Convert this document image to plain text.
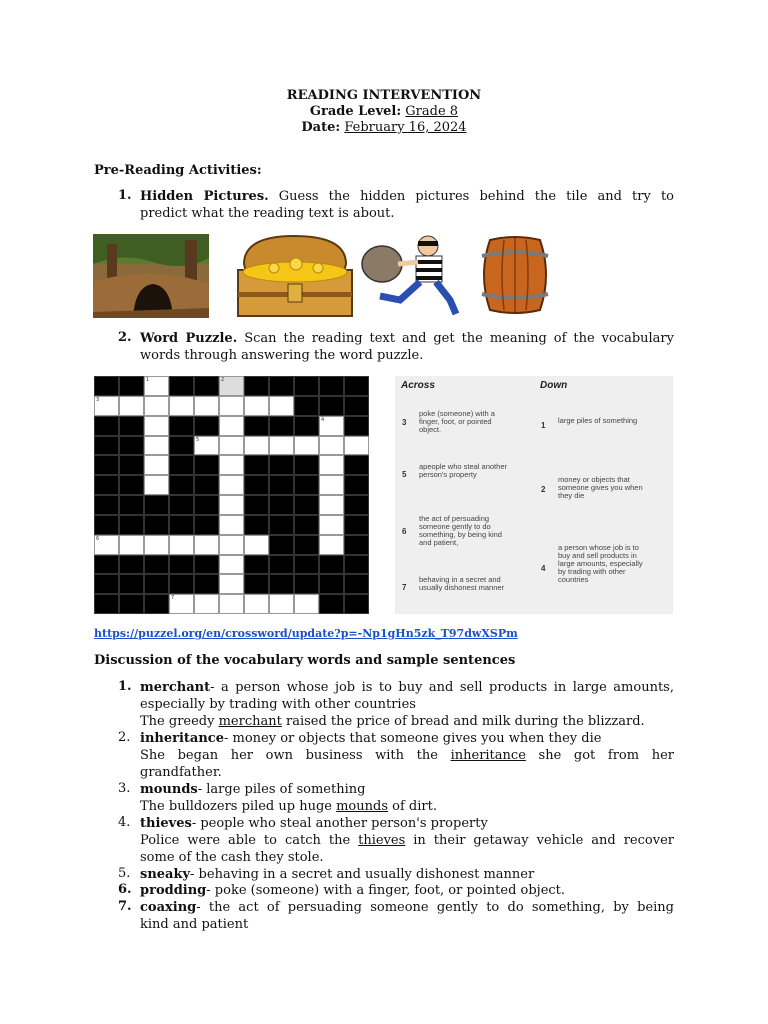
READING INTERVENTION
Grade Level: Grade 8
Date: February 16, 2024
Pre-Reading Activities:
1. Hidden Pictures. Guess the hidden pictures behind the tile and try to
predict what the reading text is about.
2. Word Puzzle. Scan the reading text and get the meaning of the vocabulary
words through answering the word puzzle.
1	2
3
4
5
6
7
Across	Down
3
poke (someone) with a finger, foot, or pointed object.
5
apeople who steal another person's property
6
the act of persuading someone gently to do something, by being kind and patient,
7
behaving in a secret and usually dishonest manner
1
large piles of something
2
money or objects that someone gives you when they die
4
a person whose job is to buy and sell products in large amounts, especially by trading with other countries
https://puzzel.org/en/crossword/update?p=-Np1gHn5zk_T97dwXSPm
Discussion of the vocabulary words and sample sentences
1. merchant- a person whose job is to buy and sell products in large amounts,
especially by trading with other countries
The greedy merchant raised the price of bread and milk during the blizzard.
2. inheritance- money or objects that someone gives you when they die
She began her own business with the inheritance she got from her
grandfather.
3. mounds- large piles of something
The bulldozers piled up huge mounds of dirt.
4. thieves- people who steal another person's property
Police were able to catch the thieves in their getaway vehicle and recover
some of the cash they stole.
5. sneaky- behaving in a secret and usually dishonest manner
6. prodding- poke (someone) with a finger, foot, or pointed object.
7. coaxing- the act of persuading someone gently to do something, by being
kind and patient
